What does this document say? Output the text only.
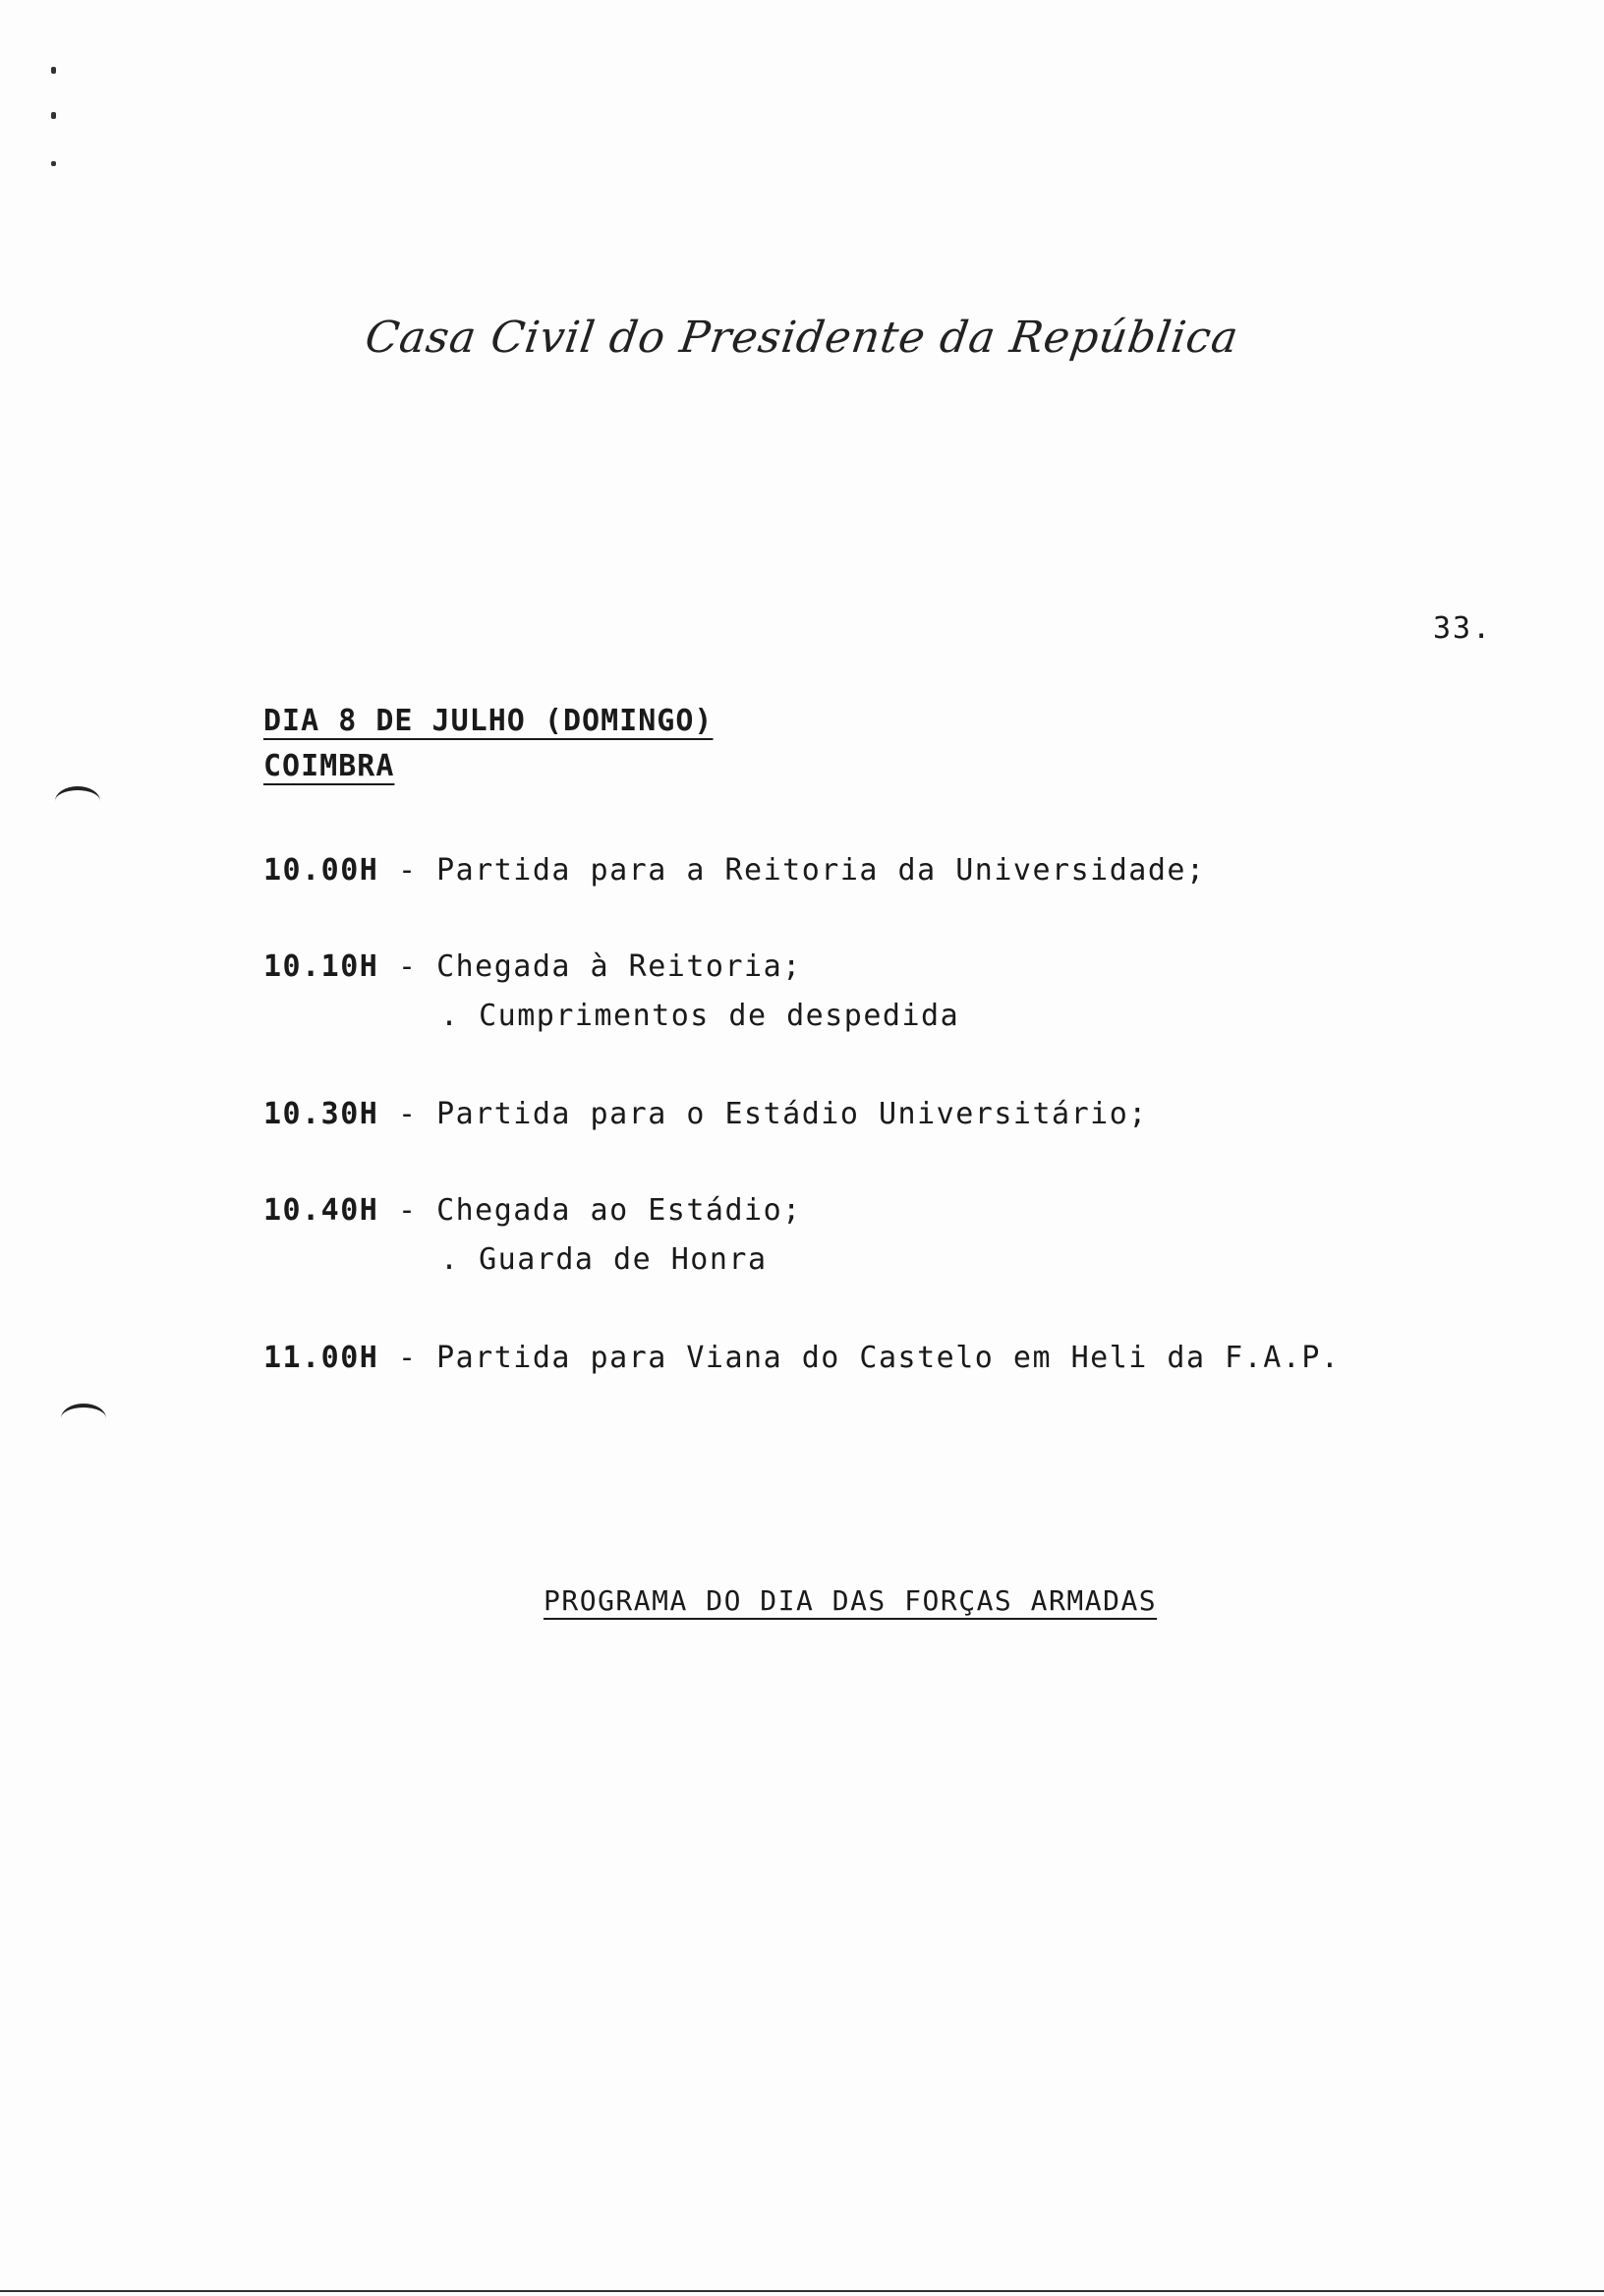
Casa Civil do Presidente da República
33.
DIA 8 DE JULHO (DOMINGO)
COIMBRA
10.00H - Partida para a Reitoria da Universidade;
10.10H - Chegada à Reitoria;
. Cumprimentos de despedida
10.30H - Partida para o Estádio Universitário;
10.40H - Chegada ao Estádio;
. Guarda de Honra
11.00H - Partida para Viana do Castelo em Heli da F.A.P.
PROGRAMA DO DIA DAS FORÇAS ARMADAS
